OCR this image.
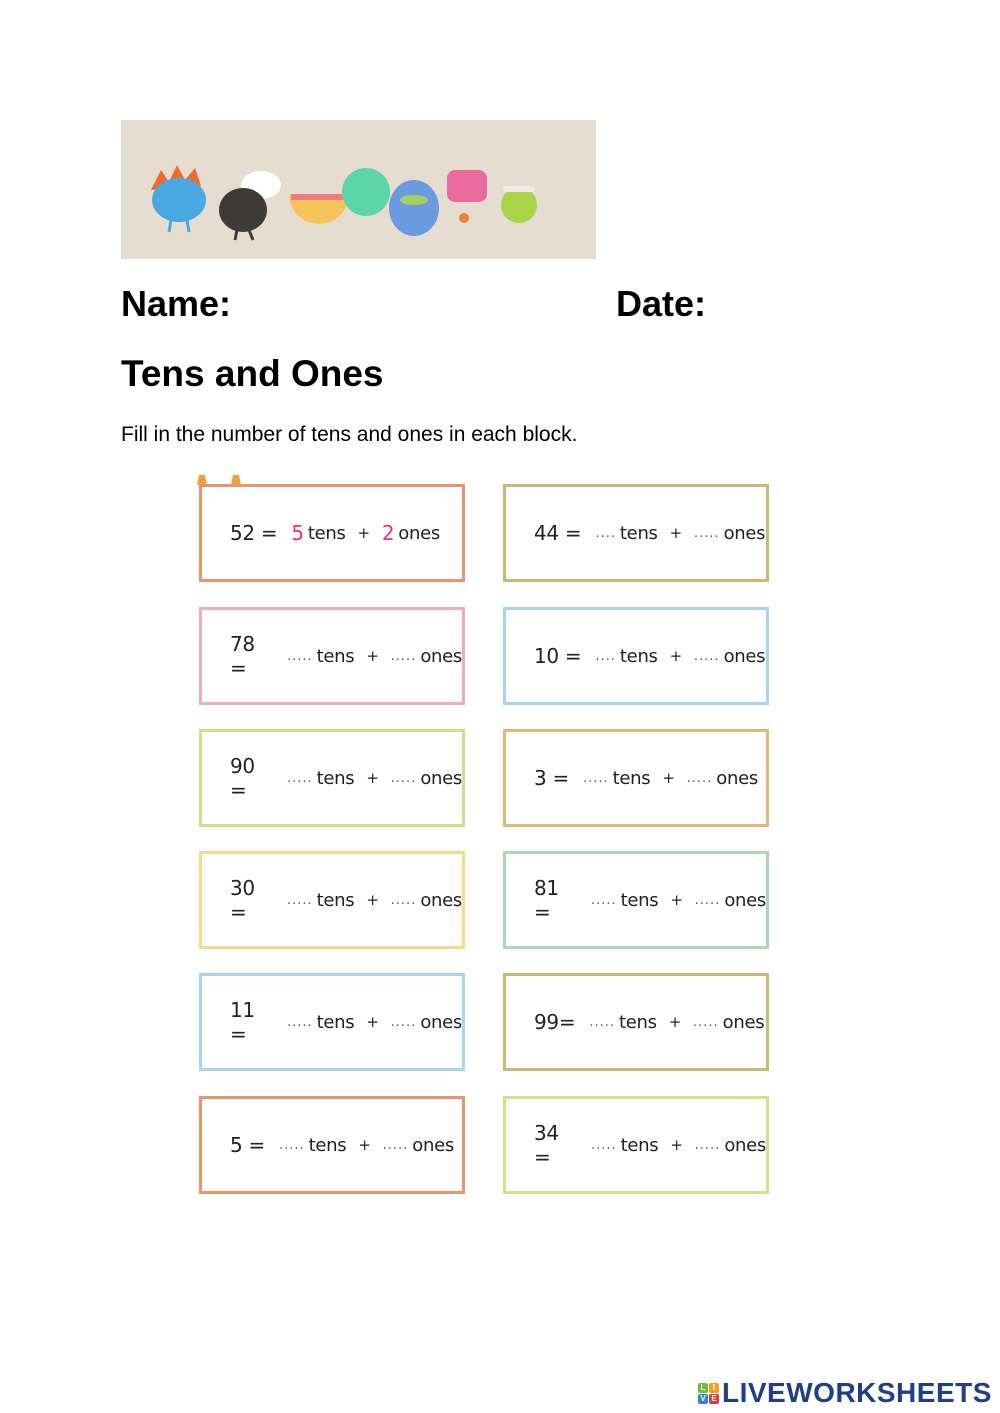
Name:	Date:
Tens and Ones
Fill in the number of tens and ones in each block.
52 = 5 tens + 2 ones	44 = .... tens + ..... ones
78 =	..... tens + ..... ones	10 = .... tens + ..... ones
90 =	..... tens + ..... ones	3 = ..... tens + ..... ones
30 =	..... tens + ..... ones	81 =	..... tens + ..... ones
11 =	..... tens + ..... ones	99= ..... tens + ..... ones
5 = ..... tens + ..... ones	34 =	..... tens + ..... ones
L I
V E LIVEWORKSHEETS
